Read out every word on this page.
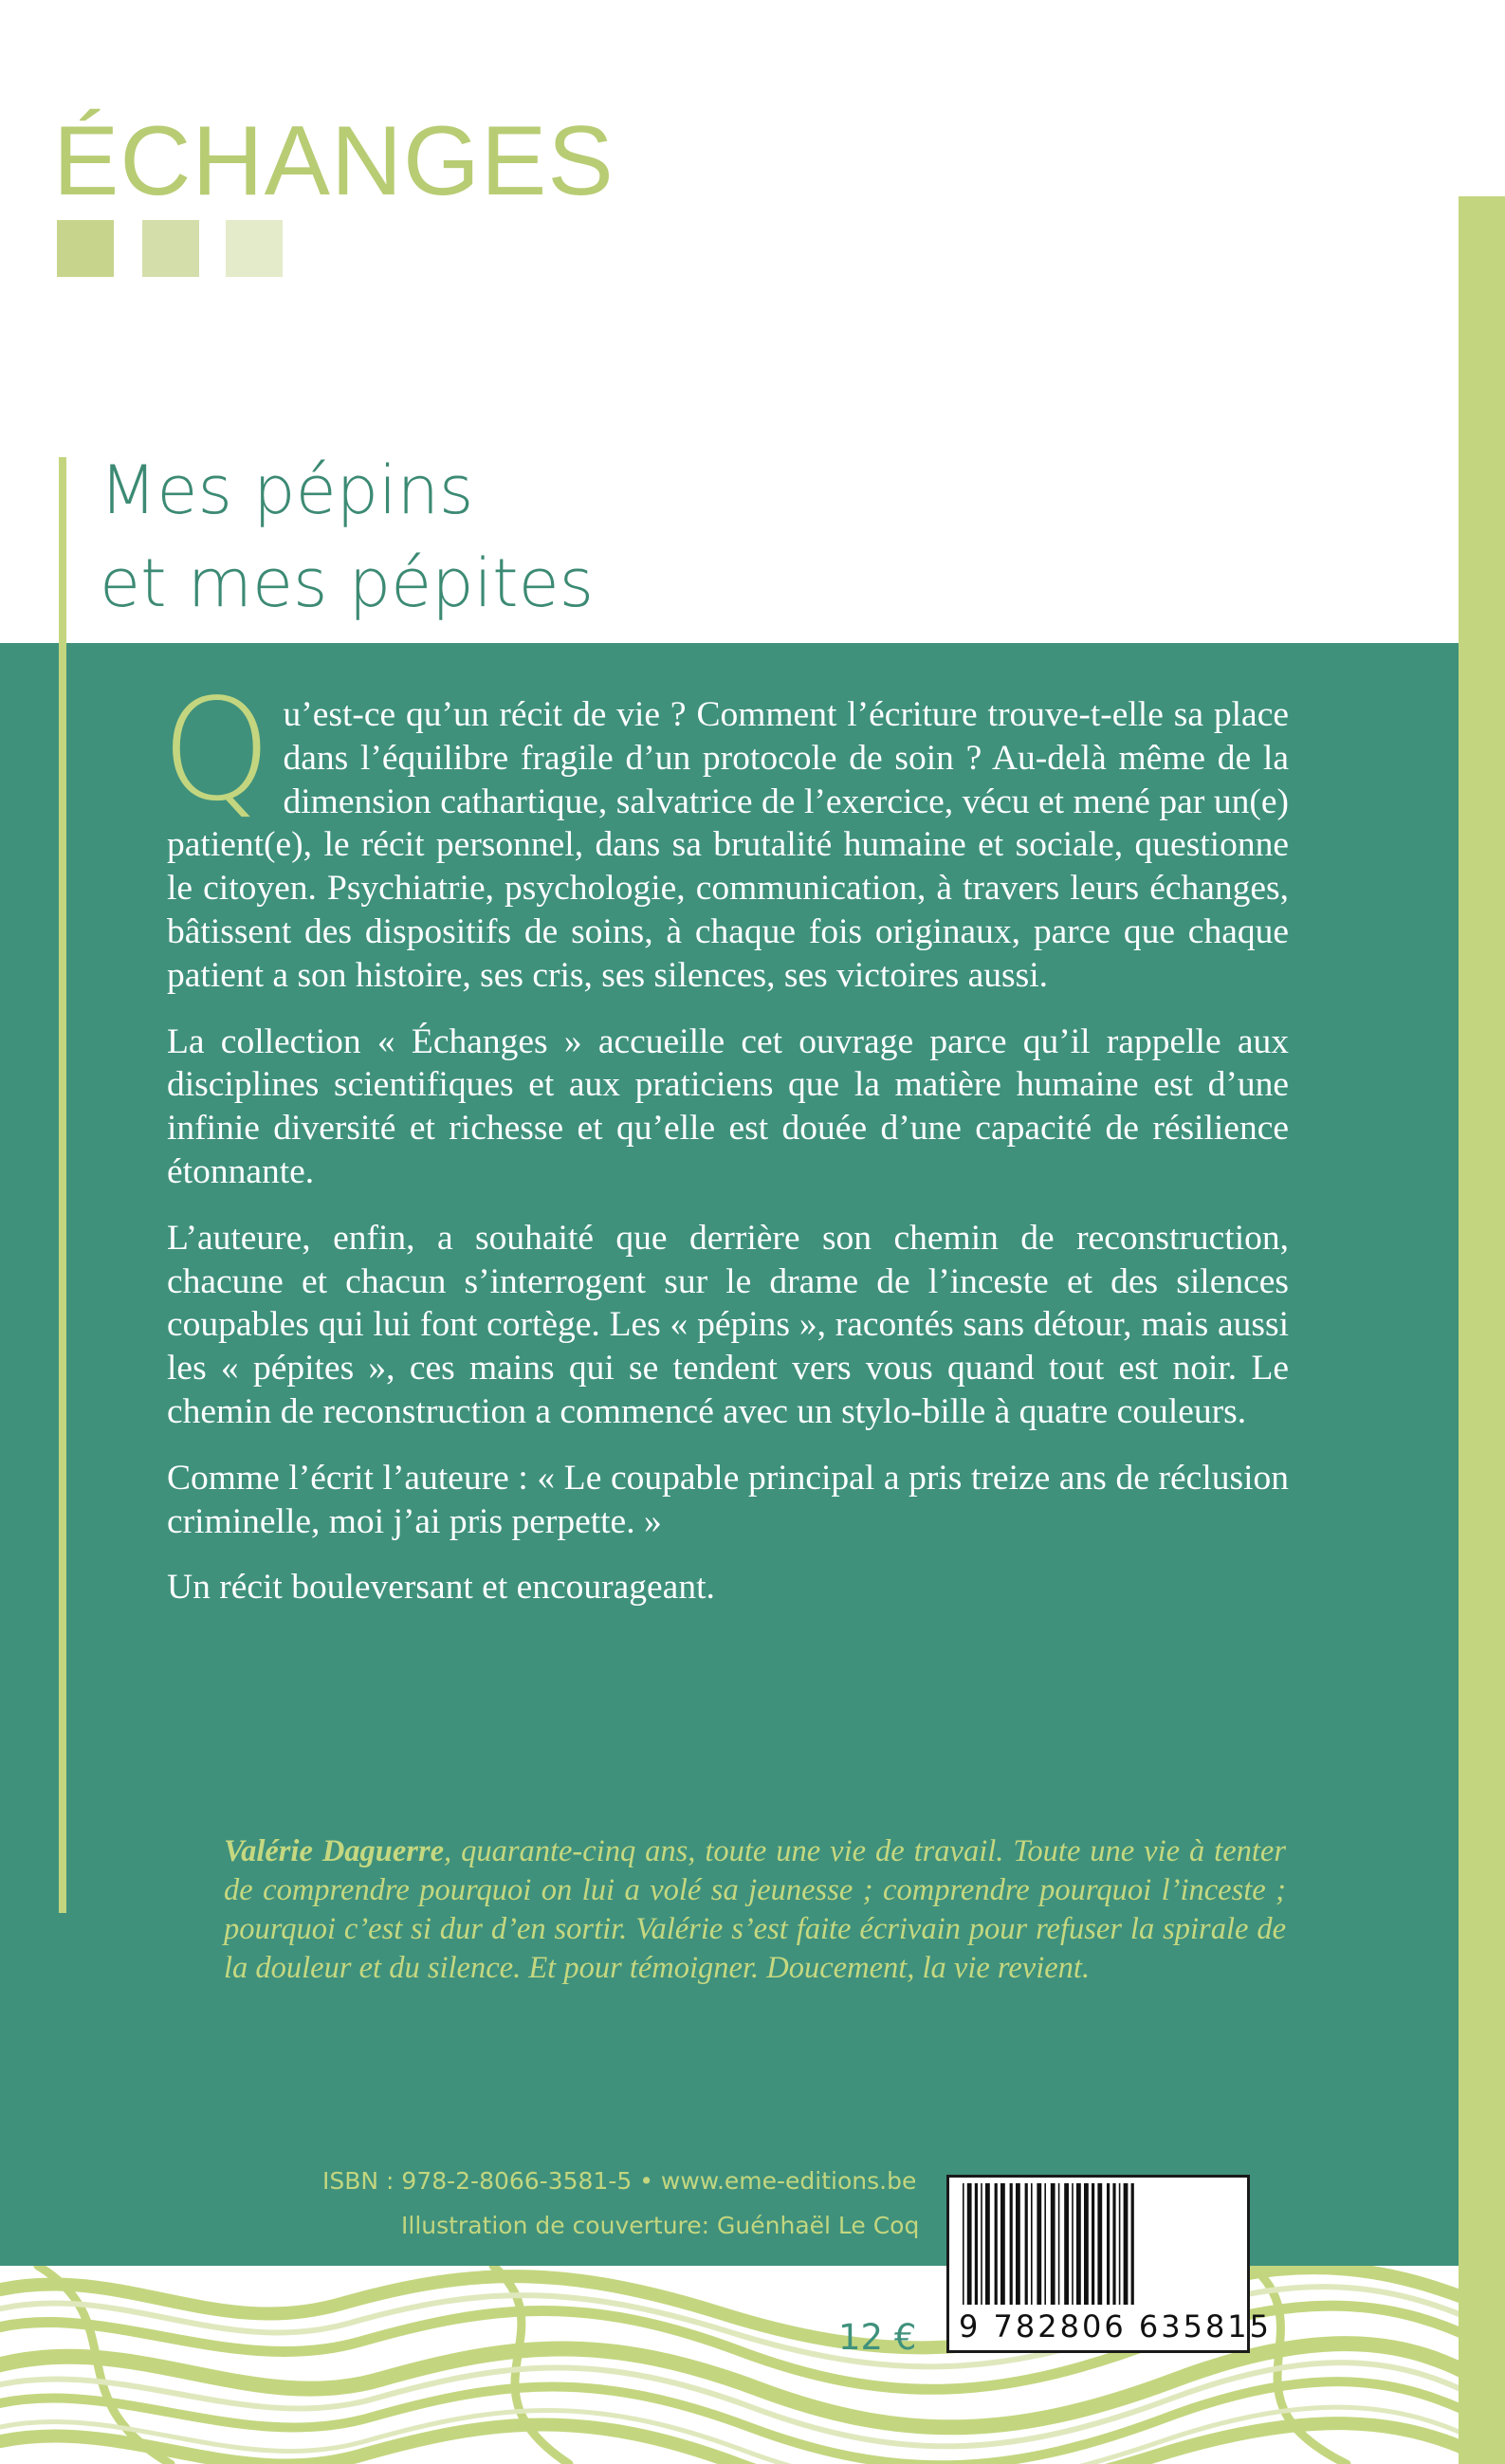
ÉCHANGES
Mes pépins
et mes pépites

Qu’est-ce qu’un récit de vie ? Comment l’écriture trouve-t-elle sa place dans l’équilibre fragile d’un protocole de soin ? Au-delà même de la dimension cathartique, salvatrice de l’exercice, vécu et mené par un(e) patient(e), le récit personnel, dans sa brutalité humaine et sociale, questionne le citoyen. Psychiatrie, psychologie, communication, à travers leurs échanges, bâtissent des dispositifs de soins, à chaque fois originaux, parce que chaque patient a son histoire, ses cris, ses silences, ses victoires aussi.

La collection « Échanges » accueille cet ouvrage parce qu’il rappelle aux disciplines scientifiques et aux praticiens que la matière humaine est d’une infinie diversité et richesse et qu’elle est douée d’une capacité de résilience étonnante.

L’auteure, enfin, a souhaité que derrière son chemin de reconstruction, chacune et chacun s’interrogent sur le drame de l’inceste et des silences coupables qui lui font cortège. Les « pépins », racontés sans détour, mais aussi les « pépites », ces mains qui se tendent vers vous quand tout est noir. Le chemin de reconstruction a commencé avec un stylo-bille à quatre couleurs.

Comme l’écrit l’auteure : « Le coupable principal a pris treize ans de réclusion criminelle, moi j’ai pris perpette. »

Un récit bouleversant et encourageant.

Valérie Daguerre, quarante-cinq ans, toute une vie de travail. Toute une vie à tenter de comprendre pourquoi on lui a volé sa jeunesse ; comprendre pourquoi l’inceste ; pourquoi c’est si dur d’en sortir. Valérie s’est faite écrivain pour refuser la spirale de la douleur et du silence. Et pour témoigner. Doucement, la vie revient.
ISBN : 978-2-8066-3581-5 • www.eme-editions.be
Illustration de couverture: Guénhaël Le Coq
12 € 9 782806 635815
